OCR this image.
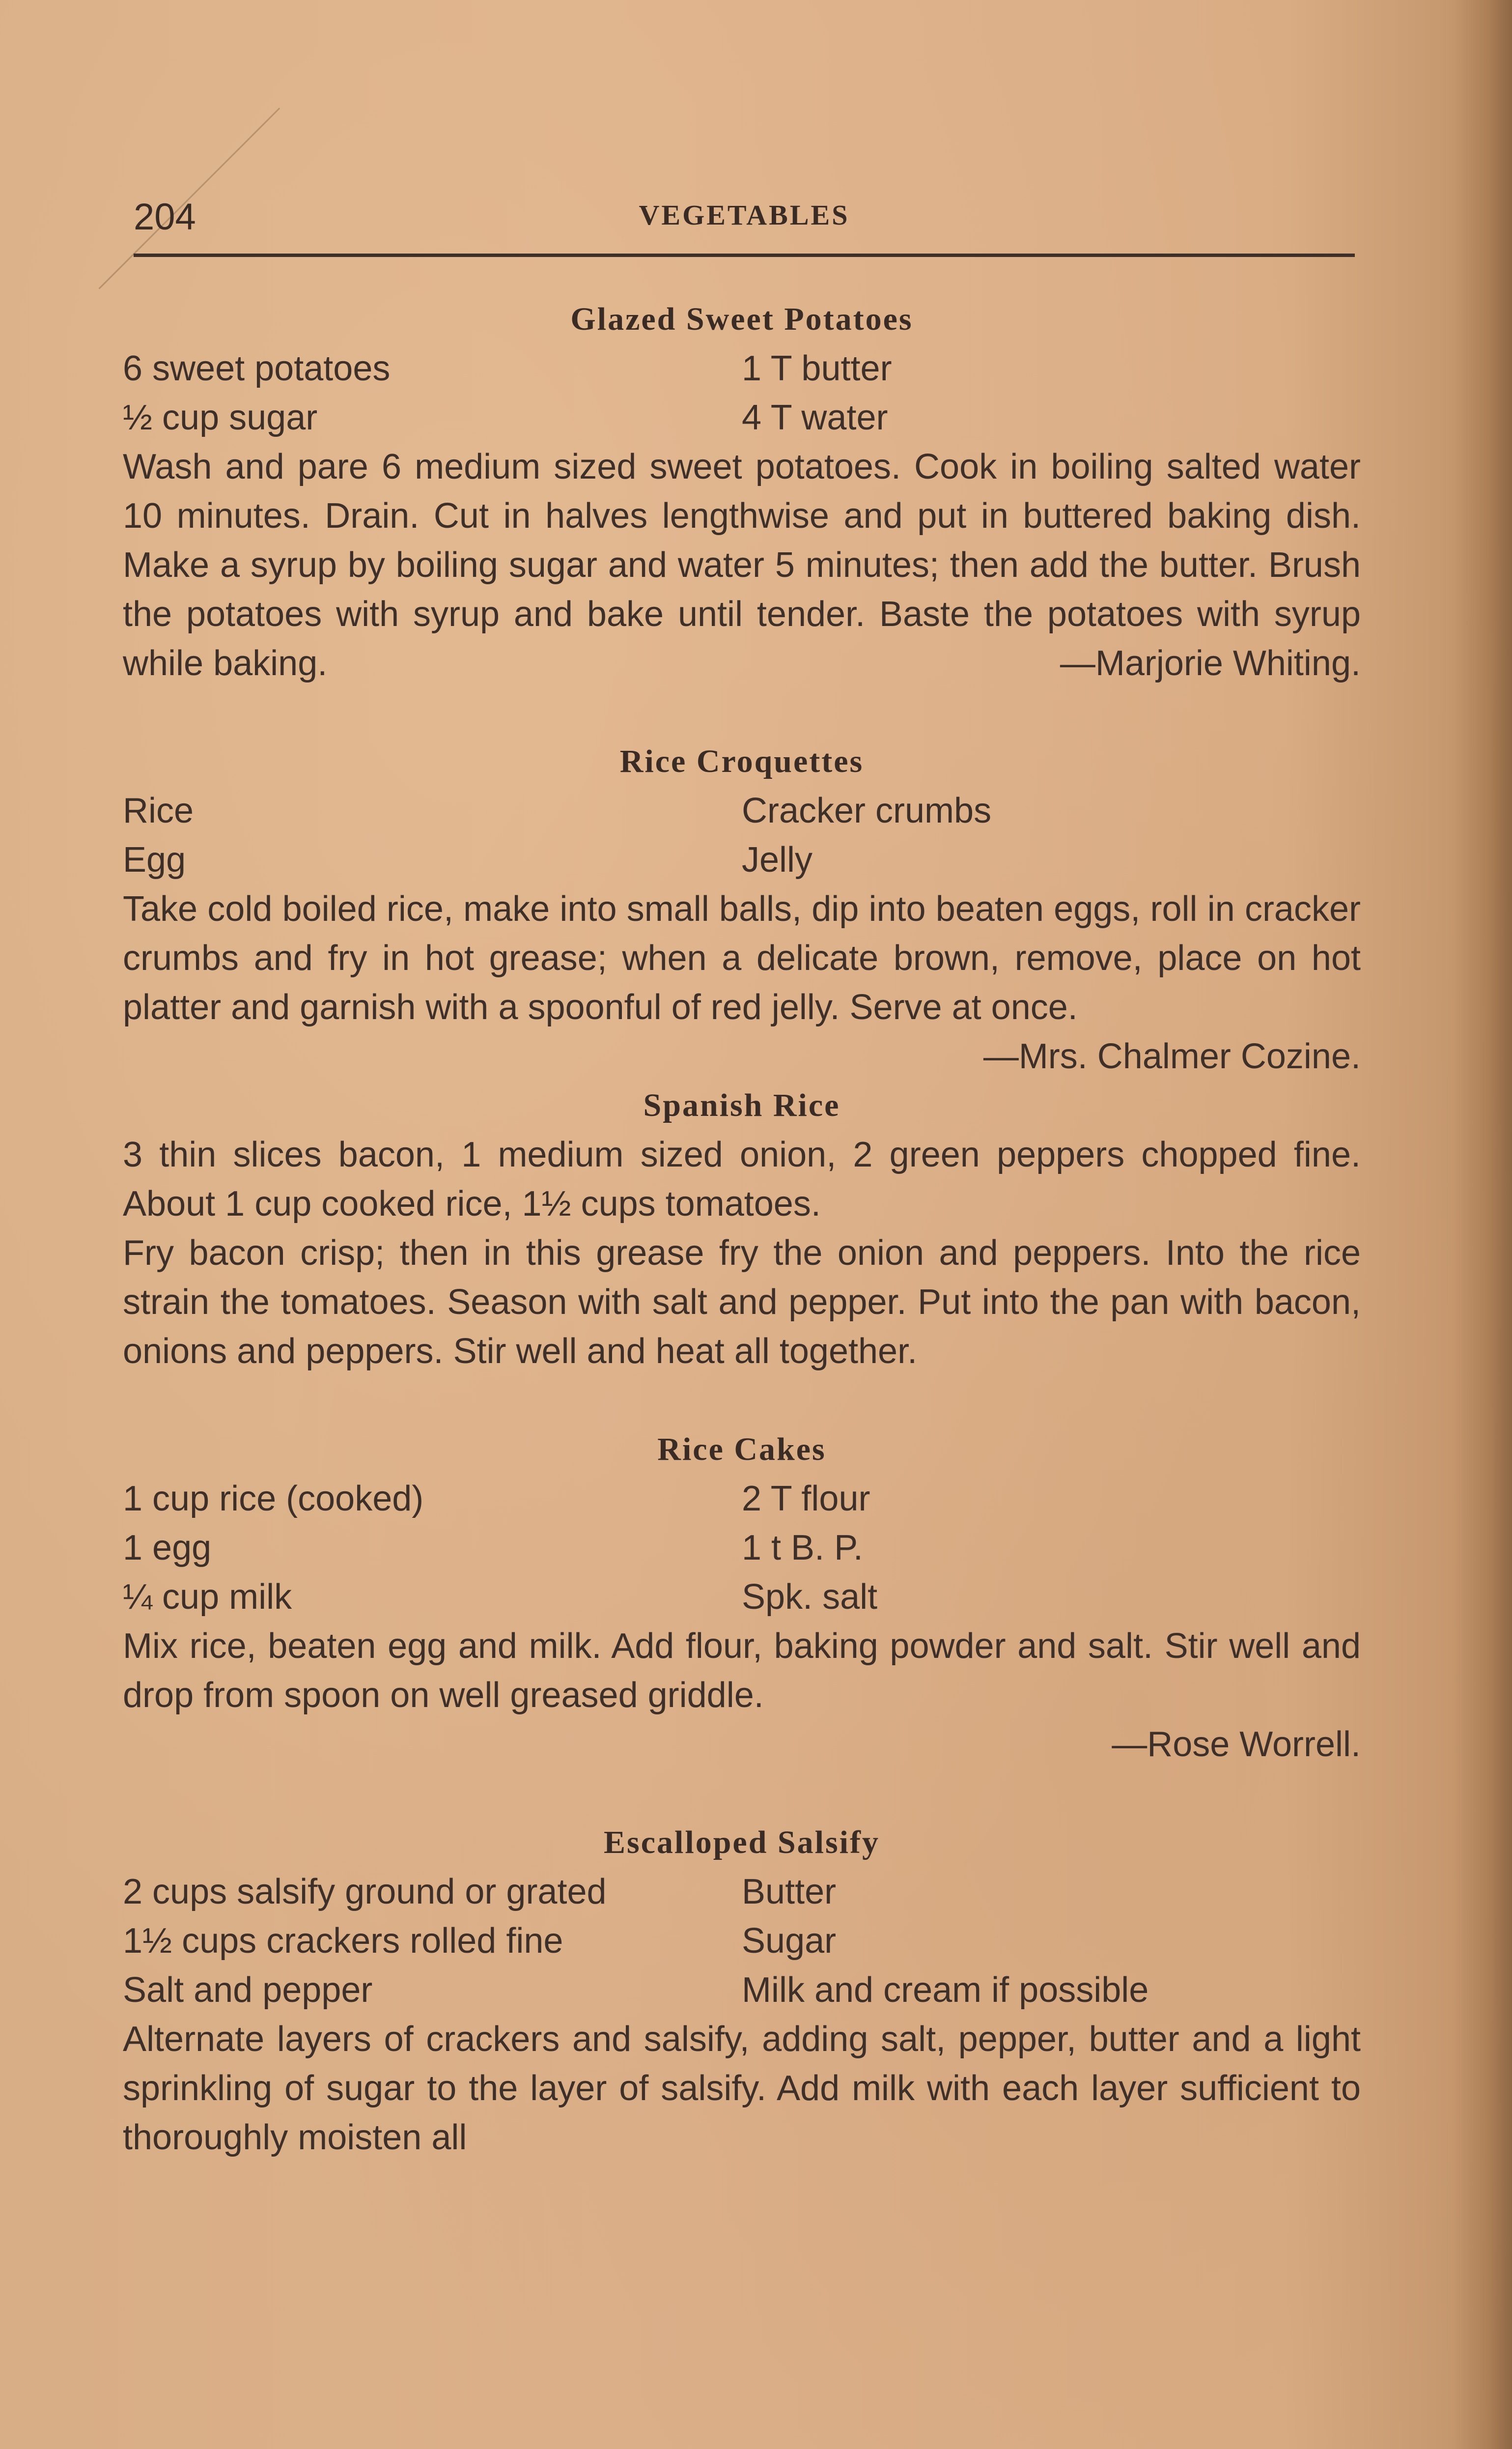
204	VEGETABLES
Glazed Sweet Potatoes
6 sweet potatoes	1 T butter
½ cup sugar	4 T water
Wash and pare 6 medium sized sweet potatoes. Cook in boiling salted water 10 minutes. Drain. Cut in halves lengthwise and put in buttered baking dish. Make a syrup by boiling sugar and water 5 minutes; then add the butter. Brush the potatoes with syrup and bake until tender. Baste the potatoes with syrup while baking.	—Marjorie Whiting.
Rice Croquettes
Rice	Cracker crumbs
Egg	Jelly
Take cold boiled rice, make into small balls, dip into beaten eggs, roll in cracker crumbs and fry in hot grease; when a delicate brown, remove, place on hot platter and garnish with a spoonful of red jelly. Serve at once.
—Mrs. Chalmer Cozine.
Spanish Rice
3 thin slices bacon, 1 medium sized onion, 2 green peppers chopped fine. About 1 cup cooked rice, 1½ cups tomatoes.
Fry bacon crisp; then in this grease fry the onion and peppers. Into the rice strain the tomatoes. Season with salt and pepper. Put into the pan with bacon, onions and peppers. Stir well and heat all together.
Rice Cakes
1 cup rice (cooked)	2 T flour
1 egg	1 t B. P.
¼ cup milk	Spk. salt
Mix rice, beaten egg and milk. Add flour, baking powder and salt. Stir well and drop from spoon on well greased griddle.
—Rose Worrell.
Escalloped Salsify
2 cups salsify ground or grated	Butter
1½ cups crackers rolled fine	Sugar
Salt and pepper	Milk and cream if possible
Alternate layers of crackers and salsify, adding salt, pepper, butter and a light sprinkling of sugar to the layer of salsify. Add milk with each layer sufficient to thoroughly moisten all
